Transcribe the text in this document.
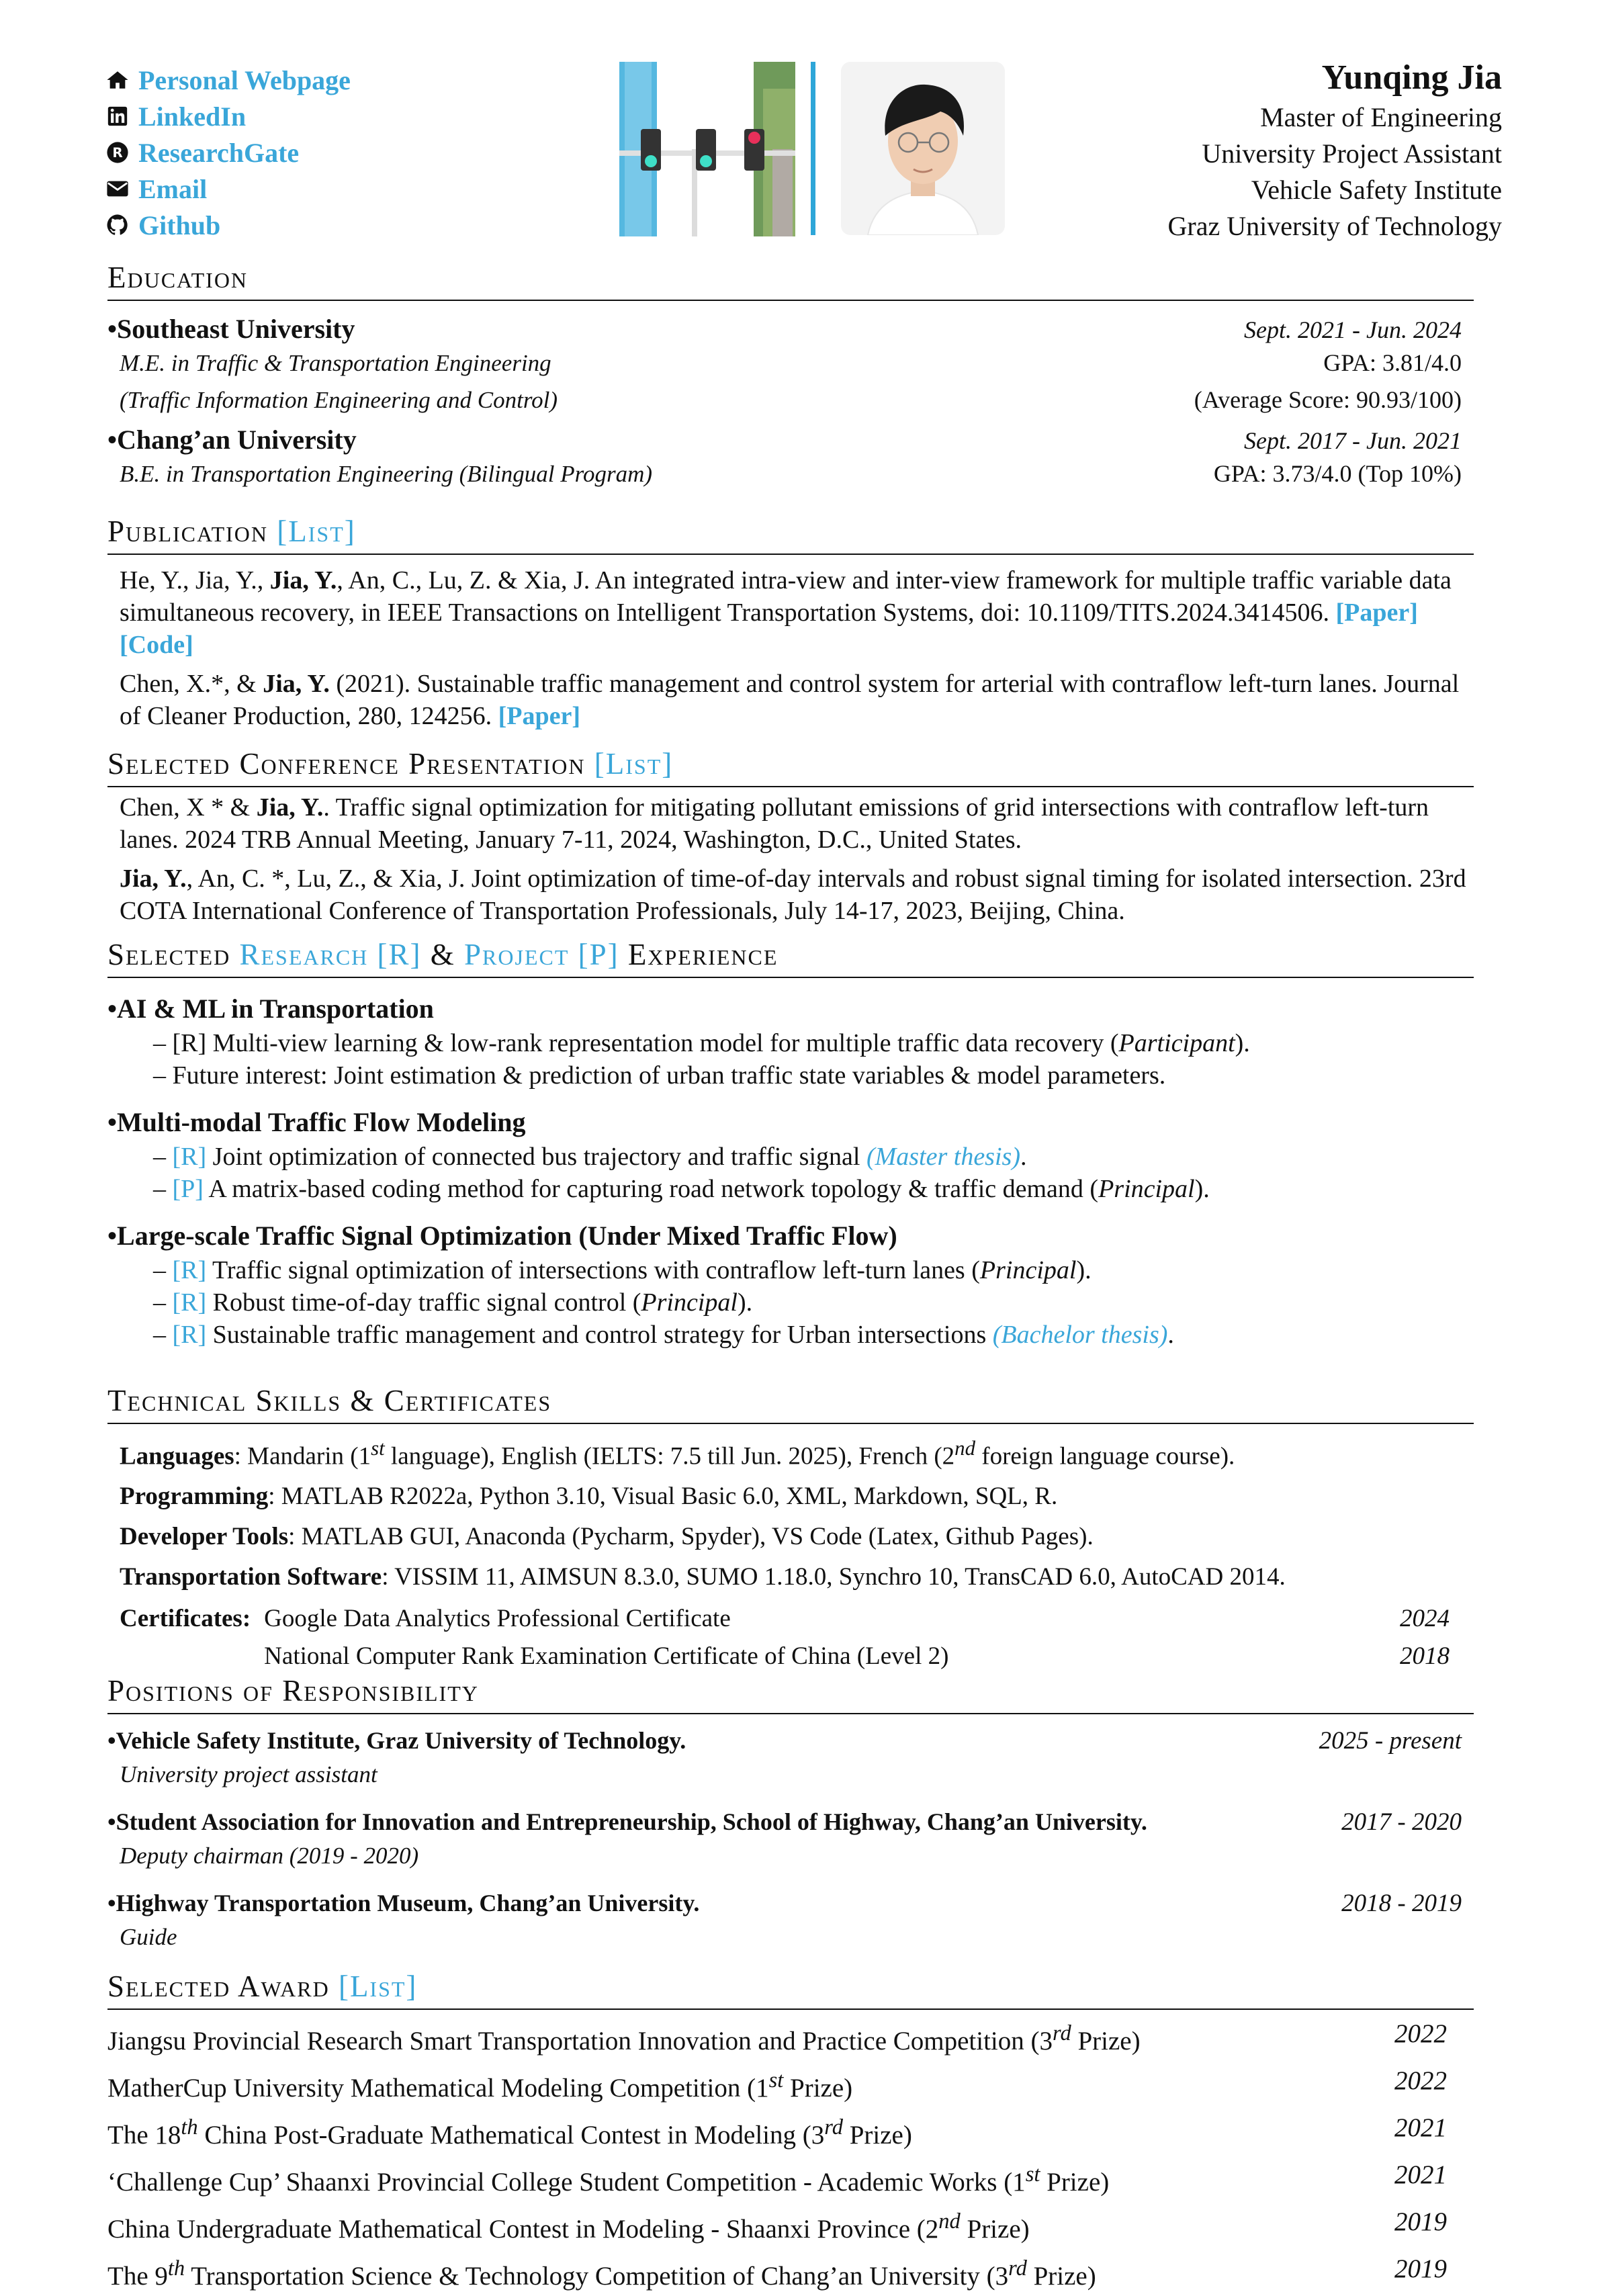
Personal Webpage
LinkedIn
R ResearchGate
Email
Github
Yunqing Jia
Master of Engineering
University Project Assistant
Vehicle Safety Institute
Graz University of Technology
Education
•Southeast University	Sept. 2021 - Jun. 2024
M.E. in Traffic & Transportation Engineering	GPA: 3.81/4.0
(Traffic Information Engineering and Control)	(Average Score: 90.93/100)
•Chang’an University	Sept. 2017 - Jun. 2021
B.E. in Transportation Engineering (Bilingual Program)	GPA: 3.73/4.0 (Top 10%)
Publication [List]
He, Y., Jia, Y., Jia, Y., An, C., Lu, Z. & Xia, J. An integrated intra-view and inter-view framework for multiple traffic variable data simultaneous recovery, in IEEE Transactions on Intelligent Transportation Systems, doi: 10.1109/TITS.2024.3414506. [Paper] [Code]
Chen, X.*, & Jia, Y. (2021). Sustainable traffic management and control system for arterial with contraflow left-turn lanes. Journal of Cleaner Production, 280, 124256. [Paper]
Selected Conference Presentation [List]
Chen, X * & Jia, Y.. Traffic signal optimization for mitigating pollutant emissions of grid intersections with contraflow left-turn lanes. 2024 TRB Annual Meeting, January 7-11, 2024, Washington, D.C., United States.
Jia, Y., An, C. *, Lu, Z., & Xia, J. Joint optimization of time-of-day intervals and robust signal timing for isolated intersection. 23rd COTA International Conference of Transportation Professionals, July 14-17, 2023, Beijing, China.
Selected Research [R] & Project [P] Experience
•AI & ML in Transportation
– [R] Multi-view learning & low-rank representation model for multiple traffic data recovery (Participant).
– Future interest: Joint estimation & prediction of urban traffic state variables & model parameters.
•Multi-modal Traffic Flow Modeling
– [R] Joint optimization of connected bus trajectory and traffic signal (Master thesis).
– [P] A matrix-based coding method for capturing road network topology & traffic demand (Principal).
•Large-scale Traffic Signal Optimization (Under Mixed Traffic Flow)
– [R] Traffic signal optimization of intersections with contraflow left-turn lanes (Principal).
– [R] Robust time-of-day traffic signal control (Principal).
– [R] Sustainable traffic management and control strategy for Urban intersections (Bachelor thesis).
Technical Skills & Certificates
Languages: Mandarin (1st language), English (IELTS: 7.5 till Jun. 2025), French (2nd foreign language course).
Programming: MATLAB R2022a, Python 3.10, Visual Basic 6.0, XML, Markdown, SQL, R.
Developer Tools: MATLAB GUI, Anaconda (Pycharm, Spyder), VS Code (Latex, Github Pages).
Transportation Software: VISSIM 11, AIMSUN 8.3.0, SUMO 1.18.0, Synchro 10, TransCAD 6.0, AutoCAD 2014.
Certificates: Google Data Analytics Professional Certificate	2024
National Computer Rank Examination Certificate of China (Level 2)	2018
Positions of Responsibility
•Vehicle Safety Institute, Graz University of Technology.	2025 - present
University project assistant
•Student Association for Innovation and Entrepreneurship, School of Highway, Chang’an University.	2017 - 2020
Deputy chairman (2019 - 2020)
•Highway Transportation Museum, Chang’an University.	2018 - 2019
Guide
Selected Award [List]
Jiangsu Provincial Research Smart Transportation Innovation and Practice Competition (3rd Prize)	2022
MatherCup University Mathematical Modeling Competition (1st Prize)	2022
The 18th China Post-Graduate Mathematical Contest in Modeling (3rd Prize)	2021
‘Challenge Cup’ Shaanxi Provincial College Student Competition - Academic Works (1st Prize)	2021
China Undergraduate Mathematical Contest in Modeling - Shaanxi Province (2nd Prize)	2019
The 9th Transportation Science & Technology Competition of Chang’an University (3rd Prize)	2019
